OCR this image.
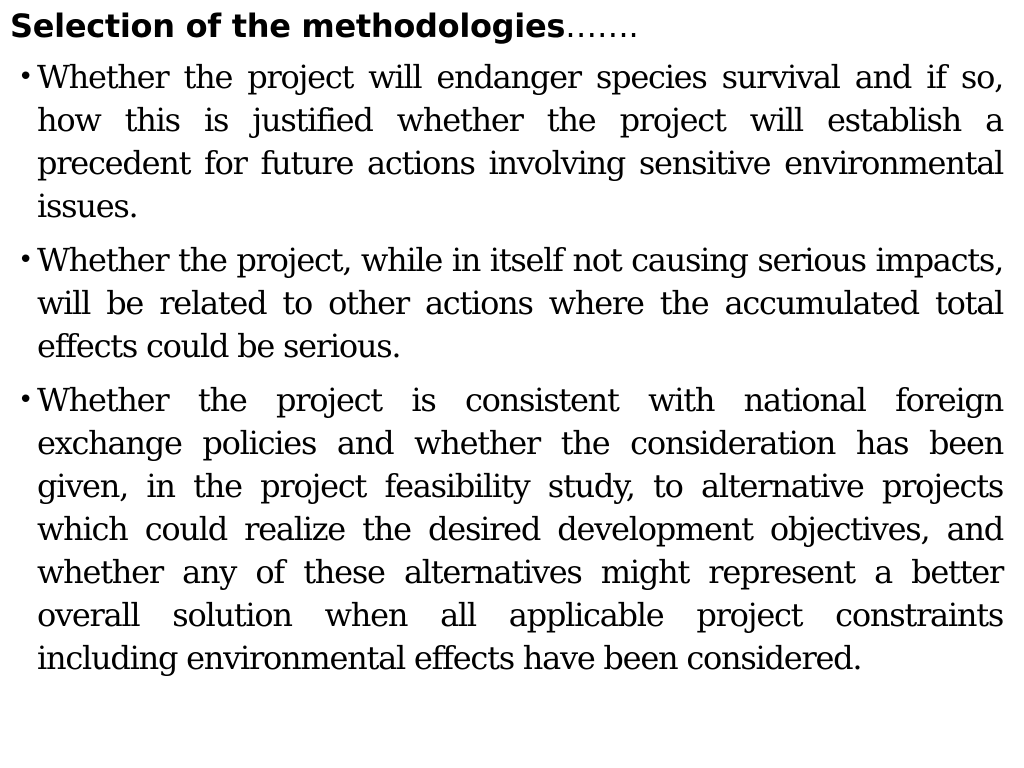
Selection of the methodologies…….
• Whether the project will endanger species survival and if so, how this is justified whether the project will establish a precedent for future actions involving sensitive environmental issues.
• Whether the project, while in itself not causing serious impacts, will be related to other actions where the accumulated total effects could be serious.
• Whether the project is consistent with national foreign exchange policies and whether the consideration has been given, in the project feasibility study, to alternative projects which could realize the desired development objectives, and whether any of these alternatives might represent a better overall solution when all applicable project constraints including environmental effects have been considered.
